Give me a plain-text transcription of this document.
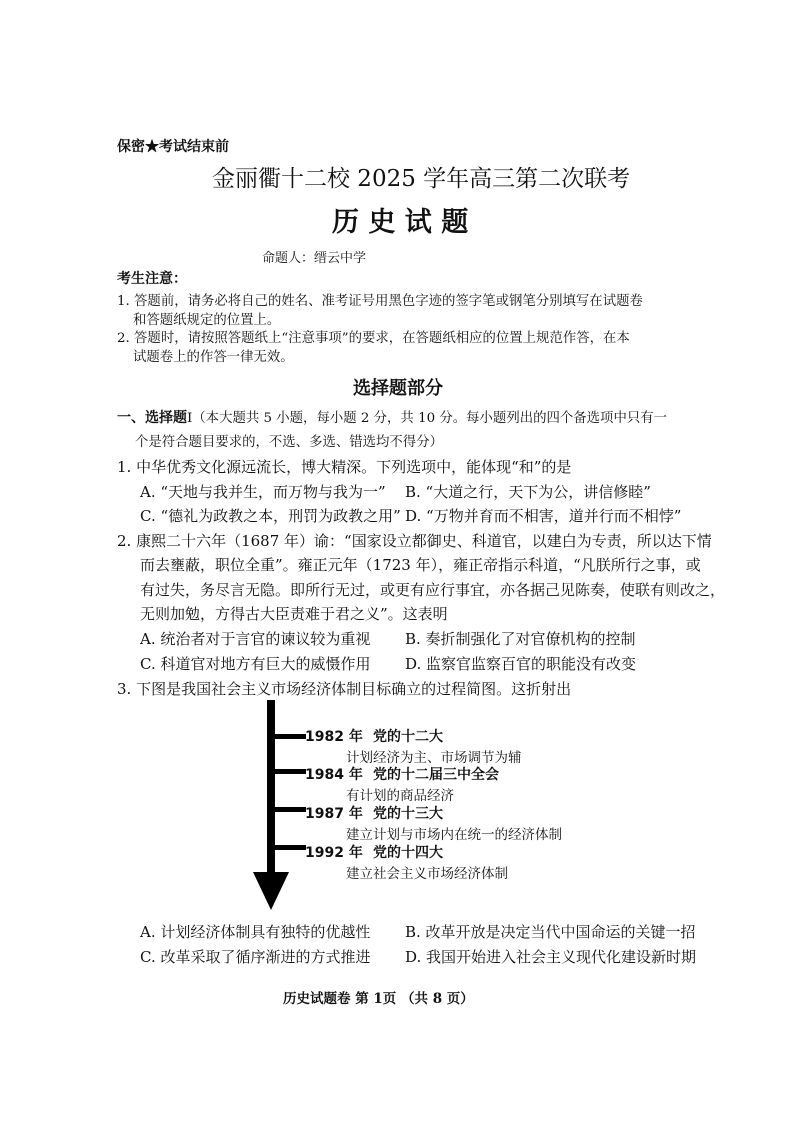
保密★考试结束前
金丽衢十二校 2025 学年高三第二次联考
历 史 试 题
命题人：缙云中学
考生注意：
1. 答题前，请务必将自己的姓名、准考证号用黑色字迹的签字笔或钢笔分别填写在试题卷
和答题纸规定的位置上。
2. 答题时，请按照答题纸上“注意事项”的要求，在答题纸相应的位置上规范作答，在本
试题卷上的作答一律无效。
选择题部分
一、选择题Ⅰ（本大题共 5 小题，每小题 2 分，共 10 分。每小题列出的四个备选项中只有一
个是符合题目要求的，不选、多选、错选均不得分）
1. 中华优秀文化源远流长，博大精深。下列选项中，能体现“和”的是
A. “天地与我并生，而万物与我为一” B. “大道之行，天下为公，讲信修睦”
C. “德礼为政教之本，刑罚为政教之用” D. “万物并育而不相害，道并行而不相悖”
2. 康熙二十六年（1687 年）谕：“国家设立都御史、科道官，以建白为专责，所以达下情
而去壅蔽，职位全重”。雍正元年（1723 年），雍正帝指示科道，“凡朕所行之事，或
有过失，务尽言无隐。即所行无过，或更有应行事宜，亦各据己见陈奏，使联有则改之，
无则加勉，方得古大臣责难于君之义”。这表明
A. 统治者对于言官的谏议较为重视 B. 奏折制强化了对官僚机构的控制
C. 科道官对地方有巨大的威慑作用 D. 监察官监察百官的职能没有改变
3. 下图是我国社会主义市场经济体制目标确立的过程简图。这折射出
1982 年 党的十二大
计划经济为主、市场调节为辅
1984 年 党的十二届三中全会
有计划的商品经济
1987 年 党的十三大
建立计划与市场内在统一的经济体制
1992 年 党的十四大
建立社会主义市场经济体制
A. 计划经济体制具有独特的优越性 B. 改革开放是决定当代中国命运的关键一招
C. 改革采取了循序渐进的方式推进 D. 我国开始进入社会主义现代化建设新时期
历史试题卷 第 1页 （共 8 页）
